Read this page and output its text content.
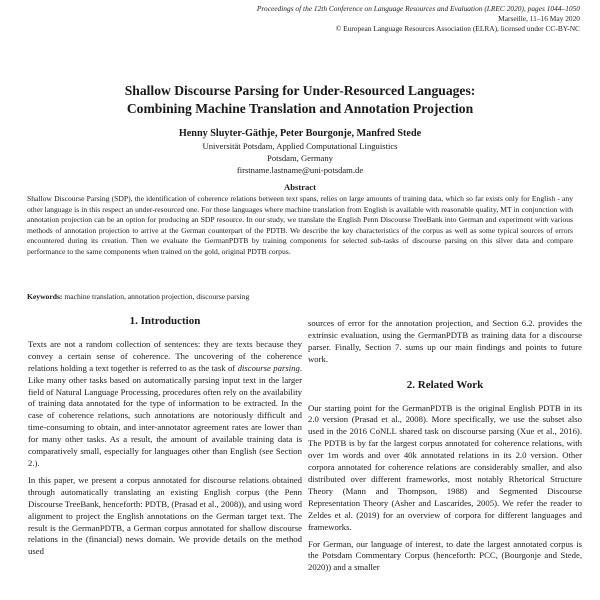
Proceedings of the 12th Conference on Language Resources and Evaluation (LREC 2020), pages 1044–1050
Marseille, 11–16 May 2020
© European Language Resources Association (ELRA), licensed under CC-BY-NC
Shallow Discourse Parsing for Under-Resourced Languages:
Combining Machine Translation and Annotation Projection
Henny Sluyter-Gäthje, Peter Bourgonje, Manfred Stede
Universität Potsdam, Applied Computational Linguistics
Potsdam, Germany
firstname.lastname@uni-potsdam.de
Abstract
Shallow Discourse Parsing (SDP), the identification of coherence relations between text spans, relies on large amounts of training data, which so far exists only for English - any other language is in this respect an under-resourced one. For those languages where machine translation from English is available with reasonable quality, MT in conjunction with annotation projection can be an option for producing an SDP resource. In our study, we translate the English Penn Discourse TreeBank into German and experiment with various methods of annotation projection to arrive at the German counterpart of the PDTB. We describe the key characteristics of the corpus as well as some typical sources of errors encountered during its creation. Then we evaluate the GermanPDTB by training components for selected sub-tasks of discourse parsing on this silver data and compare performance to the same components when trained on the gold, original PDTB corpus.
Keywords: machine translation, annotation projection, discourse parsing
1. Introduction

Texts are not a random collection of sentences: they are texts because they convey a certain sense of coherence. The uncovering of the coherence relations holding a text together is referred to as the task of discourse parsing. Like many other tasks based on automatically parsing input text in the larger field of Natural Language Processing, procedures often rely on the availability of training data annotated for the type of information to be extracted. In the case of coherence relations, such annotations are notoriously difficult and time-consuming to obtain, and inter-annotator agreement rates are lower than for many other tasks. As a result, the amount of available training data is comparatively small, especially for languages other than English (see Section 2.).

In this paper, we present a corpus annotated for discourse relations obtained through automatically translating an existing English corpus (the Penn Discourse TreeBank, henceforth: PDTB, (Prasad et al., 2008)), and using word alignment to project the English annotations on the German target text. The result is the GermanPDTB, a German corpus annotated for shallow discourse relations in the (financial) news domain. We provide details on the method used

sources of error for the annotation projection, and Section 6.2. provides the extrinsic evaluation, using the GermanPDTB as training data for a discourse parser. Finally, Section 7. sums up our main findings and points to future work.

2. Related Work

Our starting point for the GermanPDTB is the original English PDTB in its 2.0 version (Prasad et al., 2008). More specifically, we use the subset also used in the 2016 CoNLL shared task on discourse parsing (Xue et al., 2016). The PDTB is by far the largest corpus annotated for coherence relations, with over 1m words and over 40k annotated relations in its 2.0 version. Other corpora annotated for coherence relations are considerably smaller, and also distributed over different frameworks, most notably Rhetorical Structure Theory (Mann and Thompson, 1988) and Segmented Discourse Representation Theory (Asher and Lascarides, 2005). We refer the reader to Zeldes et al. (2019) for an overview of corpora for different languages and frameworks.

For German, our language of interest, to date the largest annotated corpus is the Potsdam Commentary Corpus (henceforth: PCC, (Bourgonje and Stede, 2020)) and a smaller
